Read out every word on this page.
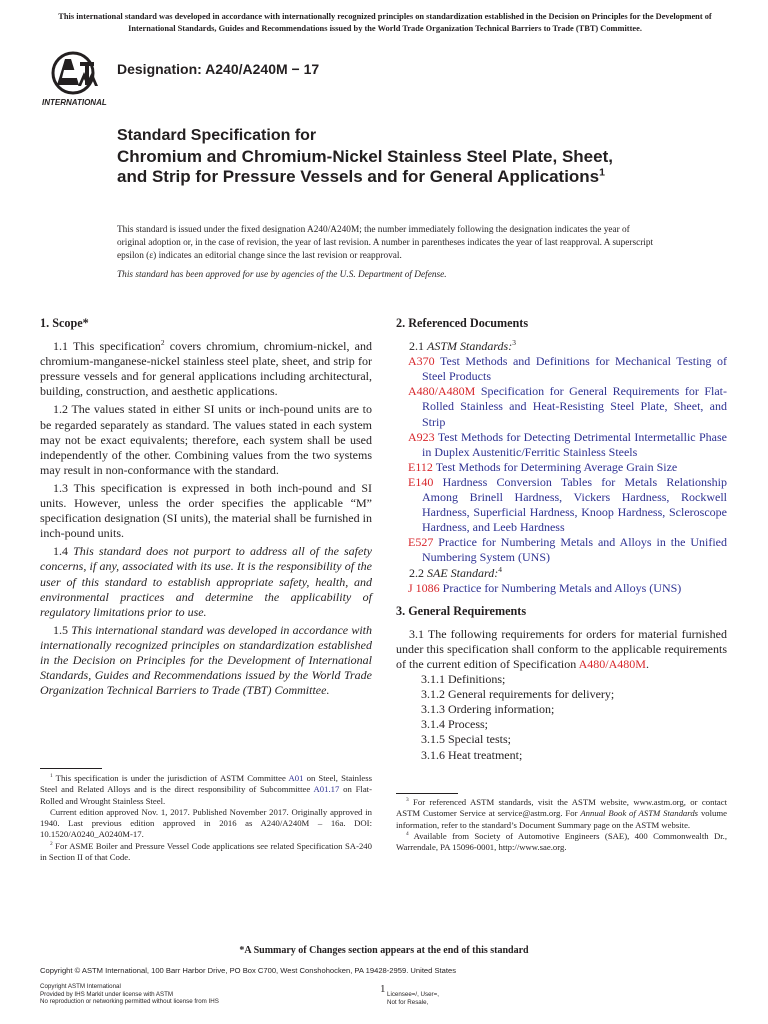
This international standard was developed in accordance with internationally recognized principles on standardization established in the Decision on Principles for the Development of International Standards, Guides and Recommendations issued by the World Trade Organization Technical Barriers to Trade (TBT) Committee.
INTERNATIONAL
Designation: A240/A240M − 17
Standard Specification for
Chromium and Chromium-Nickel Stainless Steel Plate, Sheet, and Strip for Pressure Vessels and for General Applications$^1$
This standard is issued under the fixed designation A240/A240M; the number immediately following the designation indicates the year of original adoption or, in the case of revision, the year of last revision. A number in parentheses indicates the year of last reapproval. A superscript epsilon (ε) indicates an editorial change since the last revision or reapproval.
This standard has been approved for use by agencies of the U.S. Department of Defense.
1. Scope*

1.1 This specification$^2$ covers chromium, chromium-nickel, and chromium-manganese-nickel stainless steel plate, sheet, and strip for pressure vessels and for general applications including architectural, building, construction, and aesthetic applications.

1.2 The values stated in either SI units or inch-pound units are to be regarded separately as standard. The values stated in each system may not be exact equivalents; therefore, each system shall be used independently of the other. Combining values from the two systems may result in non-conformance with the standard.

1.3 This specification is expressed in both inch-pound and SI units. However, unless the order specifies the applicable “M” specification designation (SI units), the material shall be furnished in inch-pound units.

1.4 This standard does not purport to address all of the safety concerns, if any, associated with its use. It is the responsibility of the user of this standard to establish appropriate safety, health, and environmental practices and determine the applicability of regulatory limitations prior to use.

1.5 This international standard was developed in accordance with internationally recognized principles on standardization established in the Decision on Principles for the Development of International Standards, Guides and Recommendations issued by the World Trade Organization Technical Barriers to Trade (TBT) Committee.

2. Referenced Documents

2.1 ASTM Standards:$^3$

A370 Test Methods and Definitions for Mechanical Testing of Steel Products
A480/A480M Specification for General Requirements for Flat-Rolled Stainless and Heat-Resisting Steel Plate, Sheet, and Strip
A923 Test Methods for Detecting Detrimental Intermetallic Phase in Duplex Austenitic/Ferritic Stainless Steels
E112 Test Methods for Determining Average Grain Size
E140 Hardness Conversion Tables for Metals Relationship Among Brinell Hardness, Vickers Hardness, Rockwell Hardness, Superficial Hardness, Knoop Hardness, Scleroscope Hardness, and Leeb Hardness
E527 Practice for Numbering Metals and Alloys in the Unified Numbering System (UNS)

2.2 SAE Standard:$^4$

J 1086 Practice for Numbering Metals and Alloys (UNS)
3. General Requirements

3.1 The following requirements for orders for material furnished under this specification shall conform to the applicable requirements of the current edition of Specification A480/A480M.

3.1.1 Definitions;

3.1.2 General requirements for delivery;

3.1.3 Ordering information;

3.1.4 Process;

3.1.5 Special tests;

3.1.6 Heat treatment;

$^1$ This specification is under the jurisdiction of ASTM Committee A01 on Steel, Stainless Steel and Related Alloys and is the direct responsibility of Subcommittee A01.17 on Flat-Rolled and Wrought Stainless Steel.

Current edition approved Nov. 1, 2017. Published November 2017. Originally approved in 1940. Last previous edition approved in 2016 as A240/A240M – 16a. DOI: 10.1520/A0240_A0240M-17.

$^2$ For ASME Boiler and Pressure Vessel Code applications see related Specification SA-240 in Section II of that Code.

$^3$ For referenced ASTM standards, visit the ASTM website, www.astm.org, or contact ASTM Customer Service at service@astm.org. For Annual Book of ASTM Standards volume information, refer to the standard’s Document Summary page on the ASTM website.

$^4$ Available from Society of Automotive Engineers (SAE), 400 Commonwealth Dr., Warrendale, PA 15096-0001, http://www.sae.org.

*A Summary of Changes section appears at the end of this standard
Copyright © ASTM International, 100 Barr Harbor Drive, PO Box C700, West Conshohocken, PA 19428-2959. United States
Copyright ASTM International
Provided by IHS Markit under license with ASTM
No reproduction or networking permitted without license from IHS
1 Licensee=/, User=,
Not for Resale,
